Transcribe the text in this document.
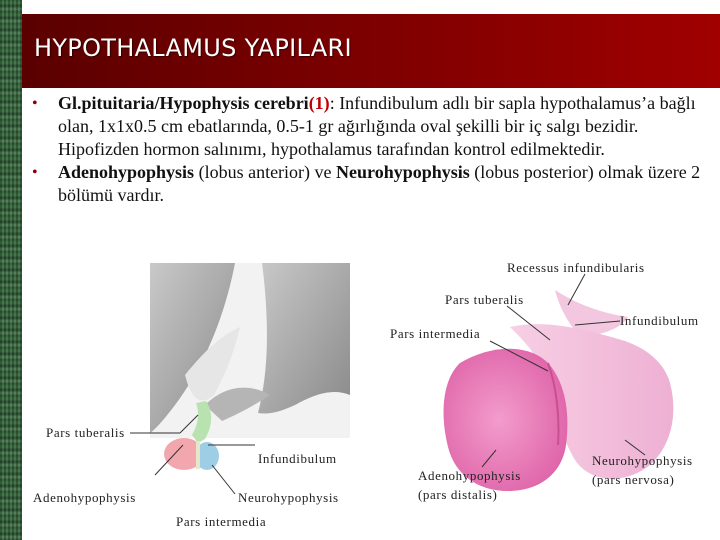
HYPOTHALAMUS YAPILARI
• Gl.pituitaria/Hypophysis cerebri(1): Infundibulum adlı bir sapla hypothalamus’a bağlı olan, 1x1x0.5 cm ebatlarında, 0.5-1 gr ağırlığında oval şekilli bir iç salgı bezidir. Hipofizden hormon salınımı, hypothalamus tarafından kontrol edilmektedir.
• Adenohypophysis (lobus anterior) ve Neurohypophysis (lobus posterior) olmak üzere 2 bölümü vardır.
Recessus infundibularis
Pars tuberalis
Infundibulum
Pars intermedia
Pars tuberalis
Infundibulum
Adenohypophysis	Neurohypophysis
Pars intermedia
Adenohypophysis
(pars distalis)
Neurohypophysis
(pars nervosa)
